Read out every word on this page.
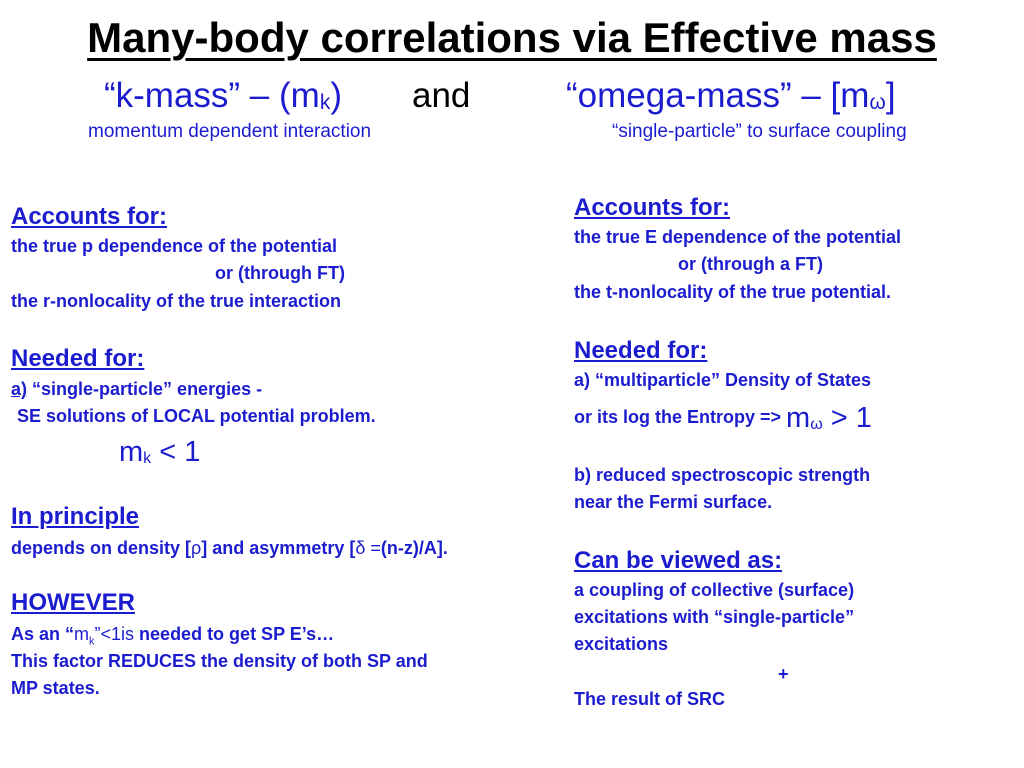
Many-body correlations via Effective mass
“k-mass” – $(m_k)$ and	“omega-mass” – $[m_\omega]$
momentum dependent interaction	“single-particle” to surface coupling
Accounts for:
the true p dependence of the potential
or (through FT)
the r-nonlocality of the true interaction
Needed for:
a) “single-particle” energies -
SE solutions of LOCAL potential problem.
$m_k < 1$
In principle
depends on density [ρ] and asymmetry [δ =(n-z)/A].
HOWEVER
As an “$m_k”<1is$ needed to get SP E’s…
This factor REDUCES the density of both SP and
MP states.
Accounts for:
the true E dependence of the potential
or (through a FT)
the t-nonlocality of the true potential.
Needed for:
a) “multiparticle” Density of States
or its log the Entropy => $m_\omega > 1$
b) reduced spectroscopic strength
near the Fermi surface.
Can be viewed as:
a coupling of collective (surface)
excitations with “single-particle”
excitations
+
The result of SRC
